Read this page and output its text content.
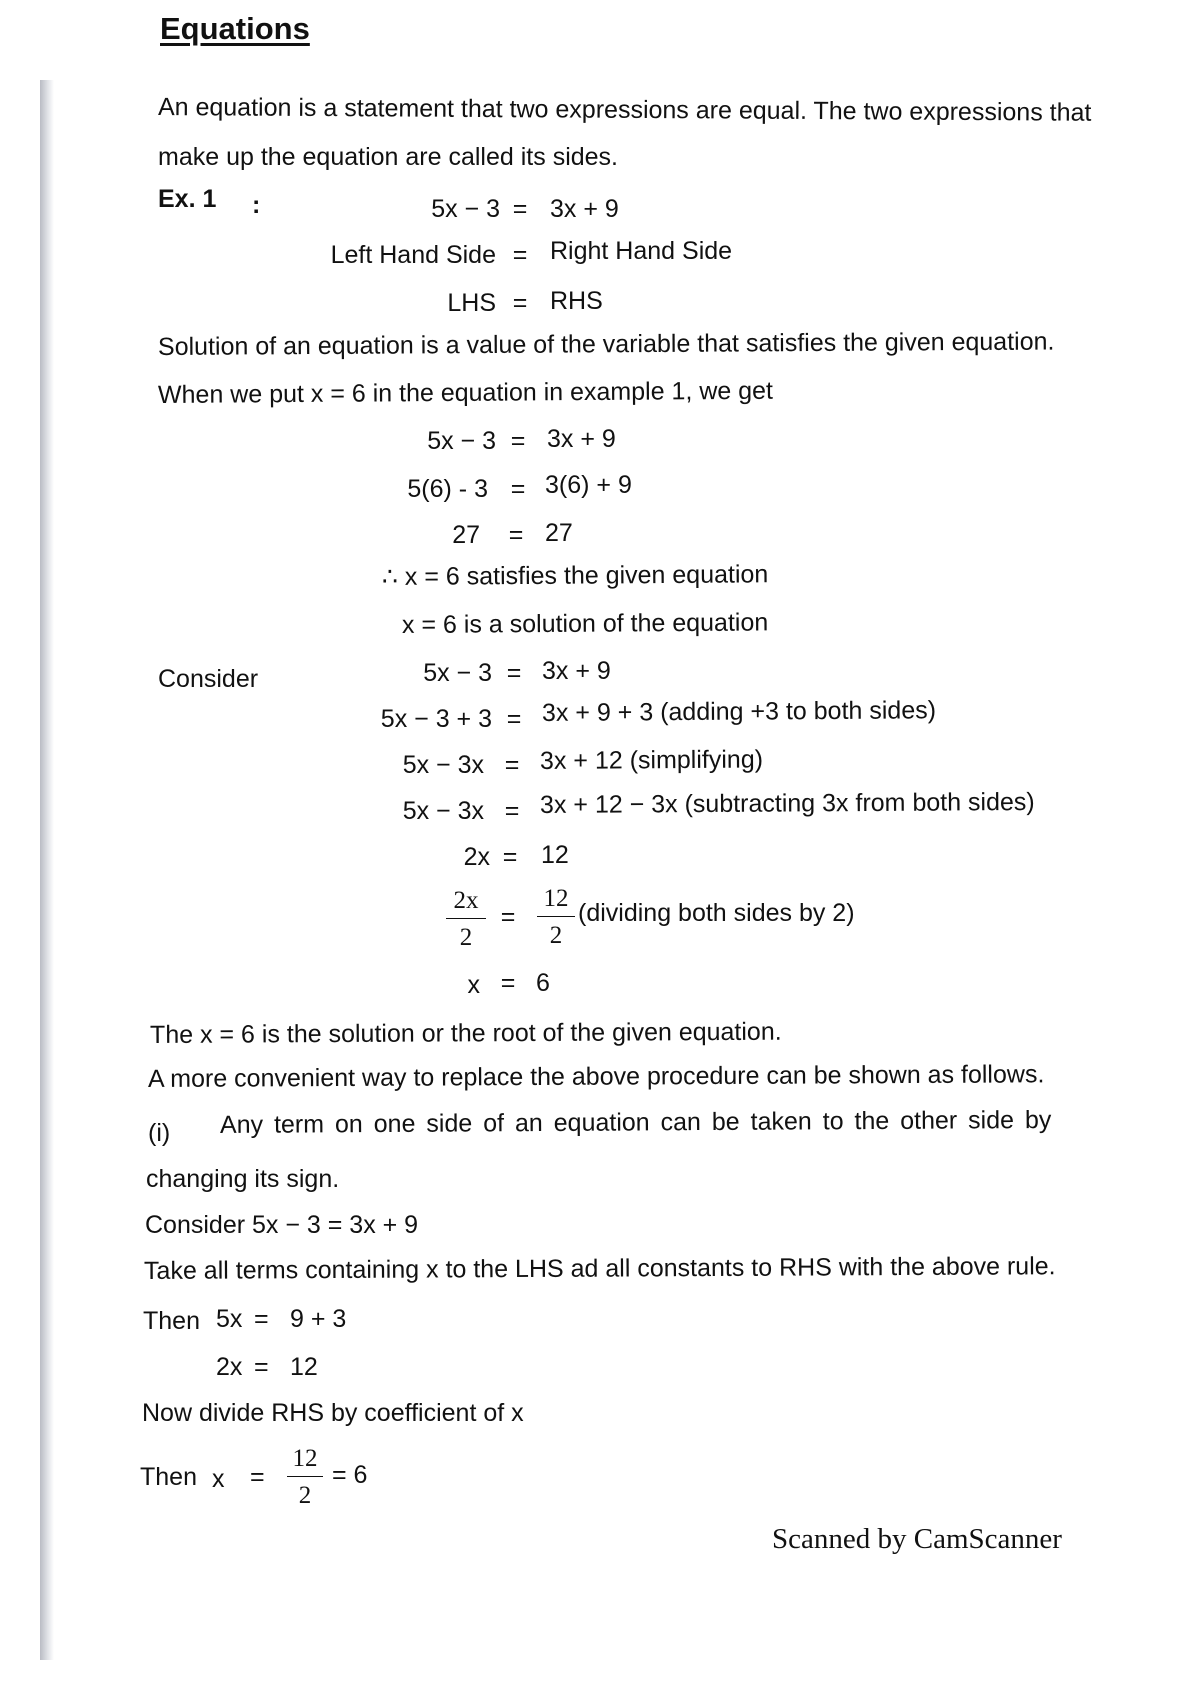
Equations
An equation is a statement that two expressions are equal. The two expressions that
make up the equation are called its sides.
Ex. 1 :	5x − 3 = 3x + 9
Left Hand Side = Right Hand Side
LHS = RHS
Solution of an equation is a value of the variable that satisfies the given equation.
When we put x = 6 in the equation in example 1, we get
5x − 3 = 3x + 9
5(6) - 3 = 3(6) + 9
27 = 27
∴ x = 6 satisfies the given equation
x = 6 is a solution of the equation
Consider	5x − 3 = 3x + 9
5x − 3 + 3 = 3x + 9 + 3 (adding +3 to both sides)
5x − 3x = 3x + 12 (simplifying)
5x − 3x = 3x + 12 − 3x (subtracting 3x from both sides)
2x = 12
$\frac{2x}{2} = \frac{12}{2}$ (dividing both sides by 2)
x = 6
The x = 6 is the solution or the root of the given equation.
A more convenient way to replace the above procedure can be shown as follows.
(i) Any term on one side of an equation can be taken to the other side by
changing its sign.
Consider 5x − 3 = 3x + 9
Take all terms containing x to the LHS ad all constants to RHS with the above rule.
Then 5x = 9 + 3
2x = 12
Now divide RHS by coefficient of x
Then $x = \frac{12}{2} = 6$
Scanned by CamScanner
